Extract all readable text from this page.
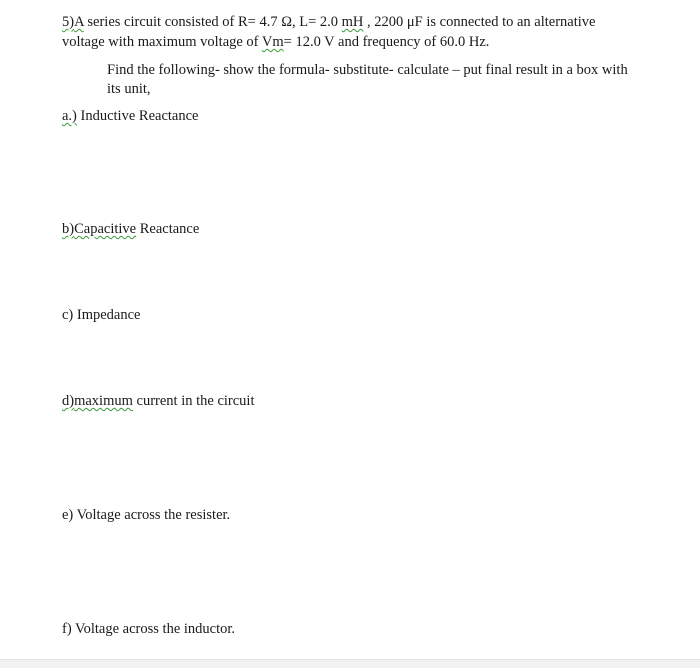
5)A series circuit consisted of R= 4.7 Ω, L= 2.0 mH , 2200 μF is connected to an alternative
voltage with maximum voltage of Vm= 12.0 V and frequency of 60.0 Hz.
Find the following- show the formula- substitute- calculate – put final result in a box with
its unit,
a.) Inductive Reactance
b)Capacitive Reactance
c) Impedance
d)maximum current in the circuit
e) Voltage across the resister.
f) Voltage across the inductor.
